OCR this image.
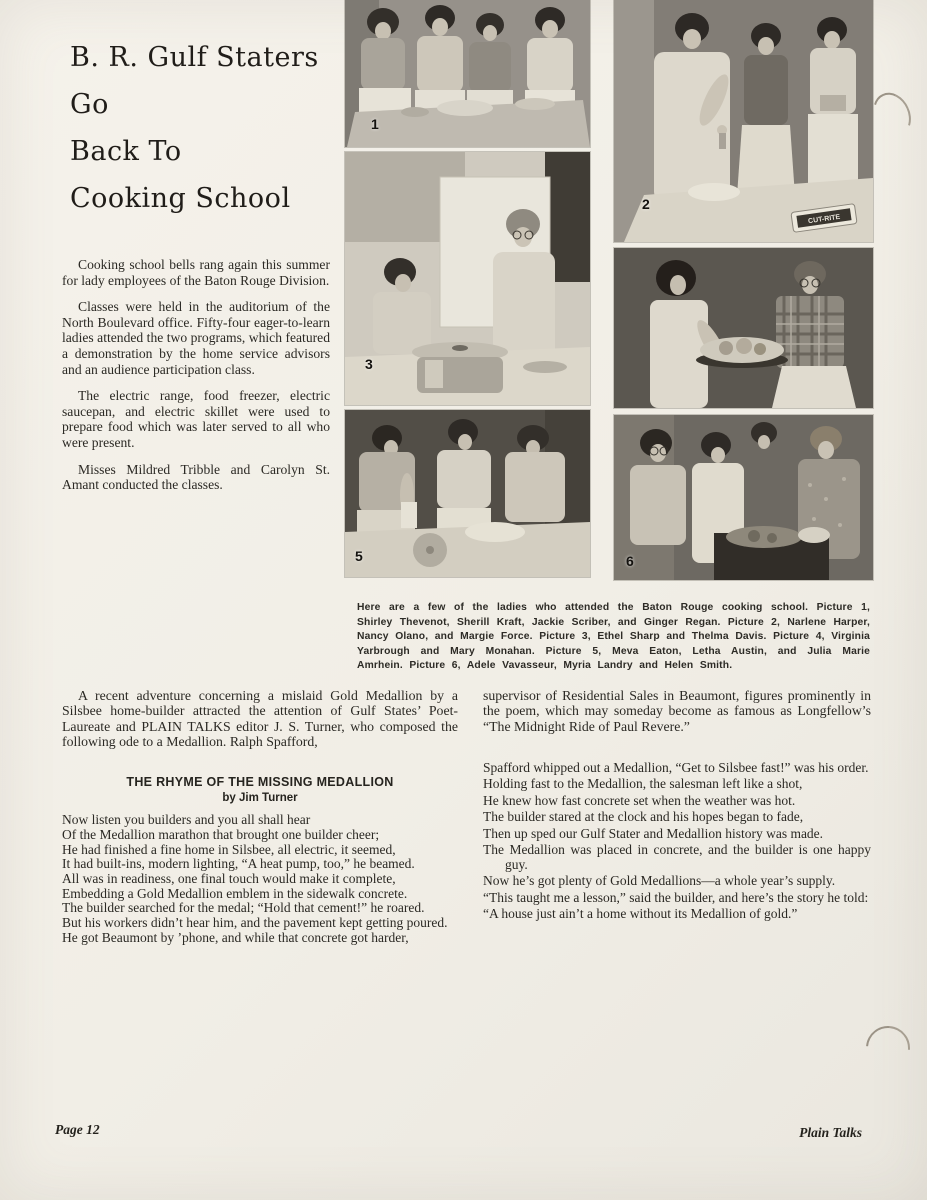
B. R. Gulf Staters
Go
Back To
Cooking School

Cooking school bells rang again this summer for lady employees of the Baton Rouge Division.

Classes were held in the auditorium of the North Boulevard office. Fifty-four eager-to-learn ladies attended the two programs, which featured a demonstration by the home service advisors and an audience participation class.

The electric range, food freezer, electric saucepan, and electric skillet were used to prepare food which was later served to all who were present.

Misses Mildred Tribble and Carolyn St. Amant conducted the classes.

1
CUT-RITE
2
3
5	6

Here are a few of the ladies who attended the Baton Rouge cooking school. Picture 1, Shirley Thevenot, Sherill Kraft, Jackie Scriber, and Ginger Regan. Picture 2, Narlene Harper, Nancy Olano, and Margie Force. Picture 3, Ethel Sharp and Thelma Davis. Picture 4, Virginia Yarbrough and Mary Monahan. Picture 5, Meva Eaton, Letha Austin, and Julia Marie Amrhein. Picture 6, Adele Vavasseur, Myria Landry and Helen Smith.

A recent adventure concerning a mislaid Gold Medallion by a Silsbee home-builder attracted the attention of Gulf States’ Poet-Laureate and PLAIN TALKS editor J. S. Turner, who composed the following ode to a Medallion. Ralph Spafford,

THE RHYME OF THE MISSING MEDALLION
by Jim Turner

Now listen you builders and you all shall hear

Of the Medallion marathon that brought one builder cheer;

He had finished a fine home in Silsbee, all electric, it seemed,

It had built-ins, modern lighting, “A heat pump, too,” he beamed.

All was in readiness, one final touch would make it complete,

Embedding a Gold Medallion emblem in the sidewalk concrete.

The builder searched for the medal; “Hold that cement!” he roared.

But his workers didn’t hear him, and the pavement kept getting poured.

He got Beaumont by ’phone, and while that concrete got harder,

supervisor of Residential Sales in Beaumont, figures prominently in the poem, which may someday become as famous as Longfellow’s “The Midnight Ride of Paul Revere.”

Spafford whipped out a Medallion, “Get to Silsbee fast!” was his order.

Holding fast to the Medallion, the salesman left like a shot,

He knew how fast concrete set when the weather was hot.

The builder stared at the clock and his hopes began to fade,

Then up sped our Gulf Stater and Medallion history was made.

The Medallion was placed in concrete, and the builder is one happy guy.

Now he’s got plenty of Gold Medallions—a whole year’s supply.

“This taught me a lesson,” said the builder, and here’s the story he told:

“A house just ain’t a home without its Medallion of gold.”

Page 12	Plain Talks
